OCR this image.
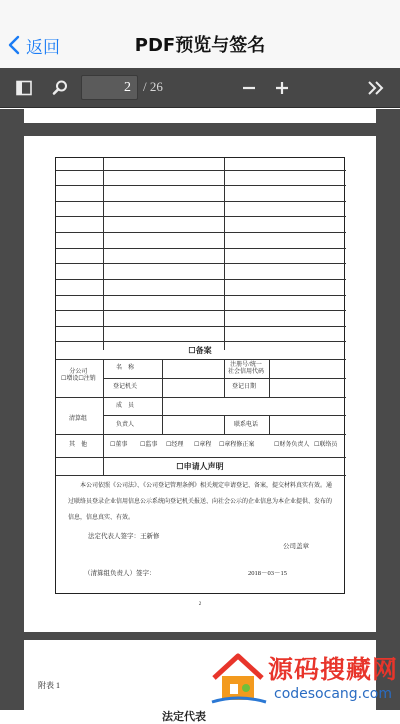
返回	PDF预览与签名
2 / 26
☐备案
分公司
☐增设☐注销
名　称	注册号/统一
社会信用代码
登记机关	登记日期
清算组
成　员
负责人	联系电话
其　他	☐董事 ☐监事 ☐经理 ☐章程 ☐章程修正案	☐财务负责人 ☐联络员
☐申请人声明
本公司依照《公司法》、《公司登记管理条例》相关规定申请登记、备案，提交材料真实有效。通过联络员登录企业信用信息公示系统向登记机关报送、向社会公示的企业信息为本企业提供、发布的信息，信息真实、有效。
法定代表人签字：王新修
公司盖章
（清算组负责人）签字：	2018－03－15
2
附表 1
法定代表
源码搜藏网
codesocang.com
